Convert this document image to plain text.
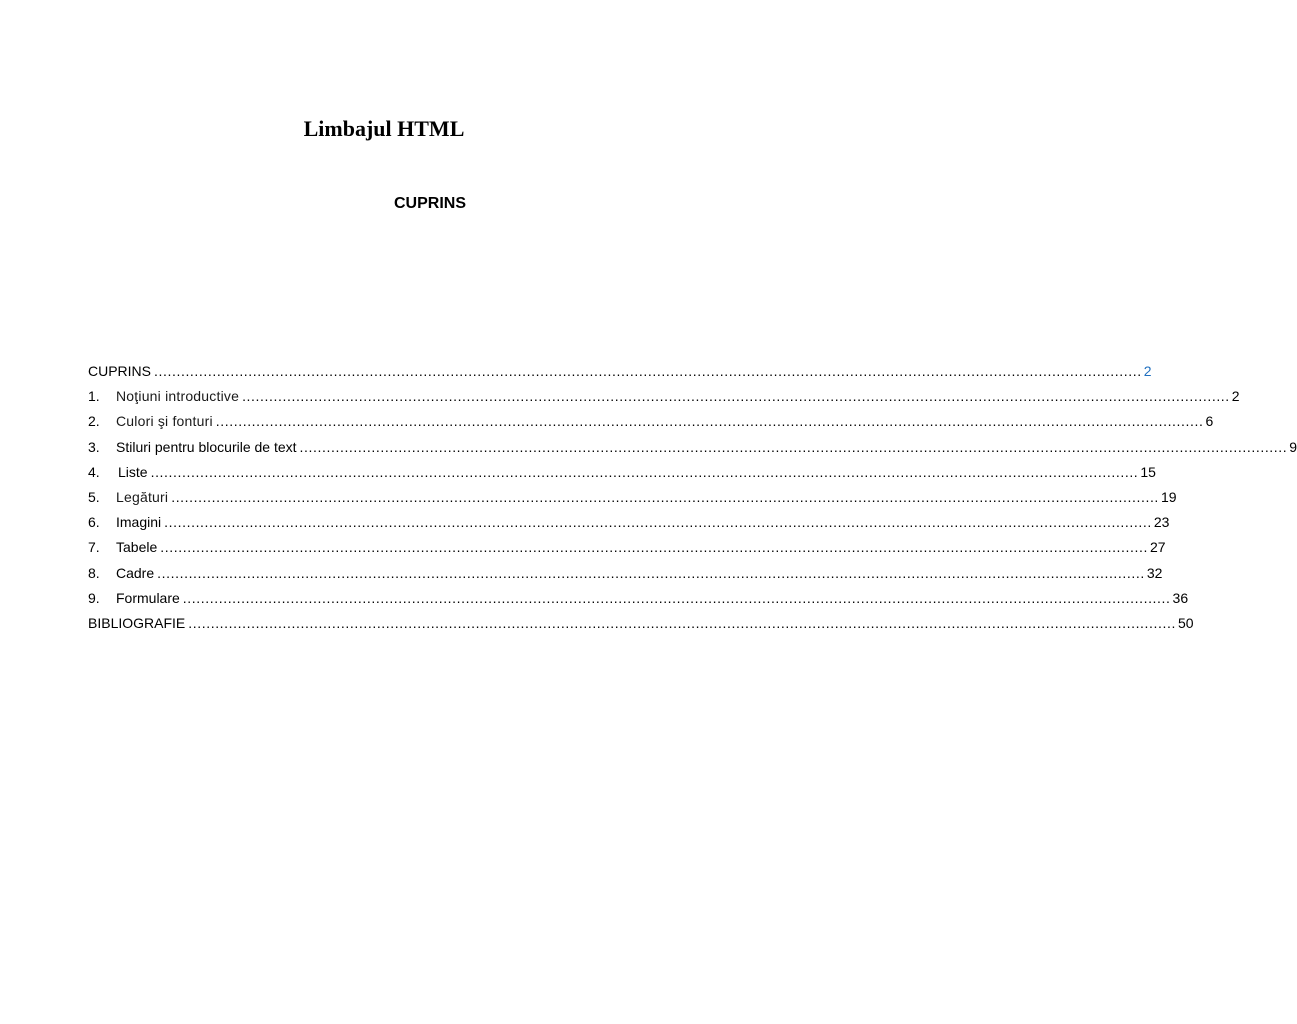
Limbajul HTML
CUPRINS
CUPRINS ............................................................................................................................................................................................................................ 2
1.	Noţiuni introductive ............................................................................................................................................................................................................................ 2
2.	Culori şi fonturi ............................................................................................................................................................................................................................ 6
3.	Stiluri pentru blocurile de text ............................................................................................................................................................................................................................ 9
4.	Liste ............................................................................................................................................................................................................................ 15
5.	Legături ............................................................................................................................................................................................................................ 19
6.	Imagini ............................................................................................................................................................................................................................ 23
7.	Tabele ............................................................................................................................................................................................................................ 27
8.	Cadre ............................................................................................................................................................................................................................ 32
9.	Formulare ............................................................................................................................................................................................................................ 36
BIBLIOGRAFIE ............................................................................................................................................................................................................................ 50
